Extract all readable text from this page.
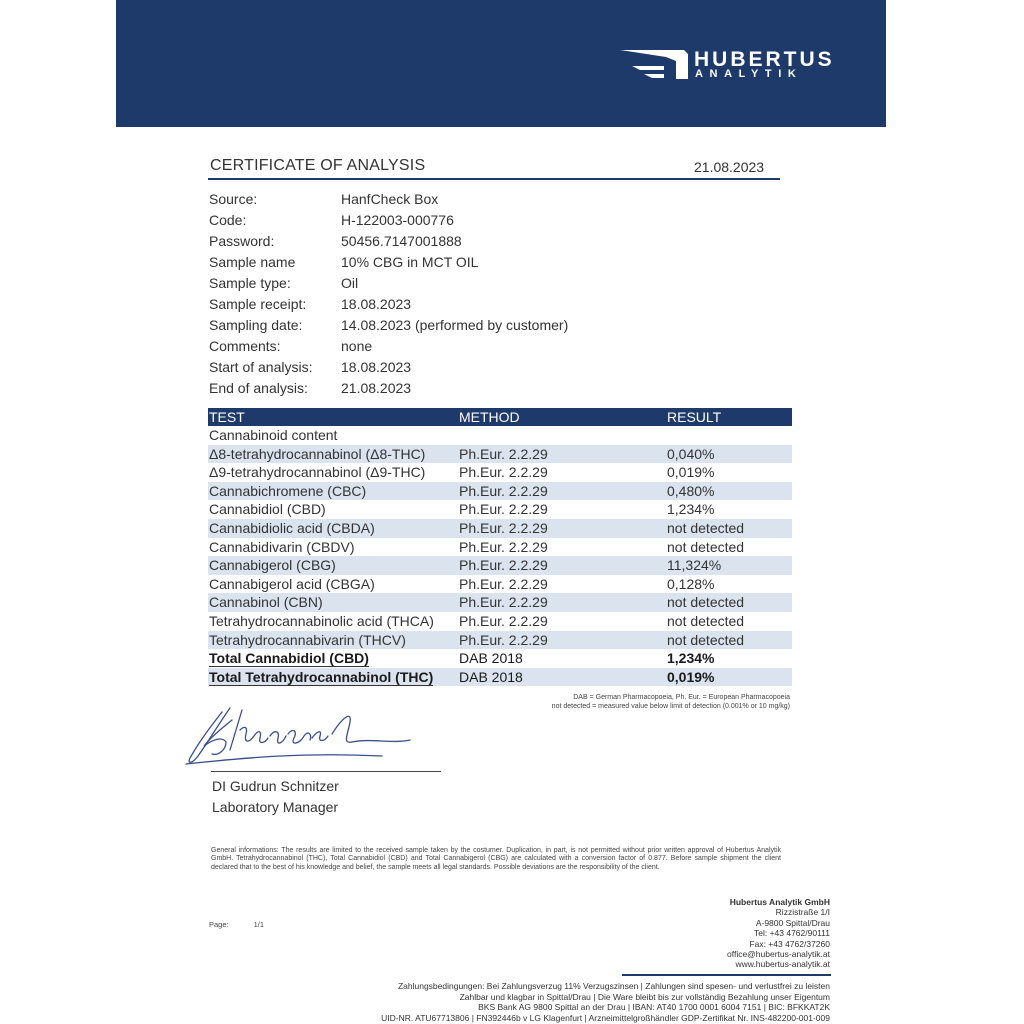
HUBERTUS
ANALYTIK
CERTIFICATE OF ANALYSIS	21.08.2023
Source:	HanfCheck Box
Code:	H-122003-000776
Password:	50456.7147001888
Sample name	10% CBG in MCT OIL
Sample type:	Oil
Sample receipt:	18.08.2023
Sampling date:	14.08.2023 (performed by customer)
Comments:	none
Start of analysis:	18.08.2023
End of analysis:	21.08.2023
TEST	METHOD	RESULT
Cannabinoid content
Δ8-tetrahydrocannabinol (Δ8-THC)	Ph.Eur. 2.2.29	0,040%
Δ9-tetrahydrocannabinol (Δ9-THC)	Ph.Eur. 2.2.29	0,019%
Cannabichromene (CBC)	Ph.Eur. 2.2.29	0,480%
Cannabidiol (CBD)	Ph.Eur. 2.2.29	1,234%
Cannabidiolic acid (CBDA)	Ph.Eur. 2.2.29	not detected
Cannabidivarin (CBDV)	Ph.Eur. 2.2.29	not detected
Cannabigerol (CBG)	Ph.Eur. 2.2.29	11,324%
Cannabigerol acid (CBGA)	Ph.Eur. 2.2.29	0,128%
Cannabinol (CBN)	Ph.Eur. 2.2.29	not detected
Tetrahydrocannabinolic acid (THCA)	Ph.Eur. 2.2.29	not detected
Tetrahydrocannabivarin (THCV)	Ph.Eur. 2.2.29	not detected
Total Cannabidiol (CBD)	DAB 2018	1,234%
Total Tetrahydrocannabinol (THC)	DAB 2018	0,019%
DAB = German Pharmacopoeia, Ph. Eur. = European Pharmacopoeia
not detected = measured value below limit of detection (0.001% or 10 mg/kg)
DI Gudrun Schnitzer
Laboratory Manager
General informations: The results are limited to the received sample taken by the costumer. Duplication, in part, is not permitted without prior written approval of Hubertus Analytik GmbH. Tetrahydrocannabinol (THC), Total Cannabidiol (CBD) and Total Cannabigerol (CBG) are calculated with a conversion factor of 0.877. Before sample shipment the client declared that to the best of his knowledge and belief, the sample meets all legal standards. Possible deviations are the responsibility of the client.
Page:	1/1
Hubertus Analytik GmbH
Rizzistraße 1/I
A-9800 Spittal/Drau
Tel: +43 4762/90111
Fax: +43 4762/37260
office@hubertus-analytik.at
www.hubertus-analytik.at
Zahlungsbedingungen: Bei Zahlungsverzug 11% Verzugszinsen | Zahlungen sind spesen- und verlustfrei zu leisten
Zahlbar und klagbar in Spittal/Drau | Die Ware bleibt bis zur vollständig Bezahlung unser Eigentum
BKS Bank AG 9800 Spittal an der Drau | IBAN: AT40 1700 0001 6004 7151 | BIC: BFKKAT2K
UID-NR. ATU67713806 | FN392446b v LG Klagenfurt | Arzneimittelgroßhändler GDP-Zertifikat Nr. INS-482200-001-009
